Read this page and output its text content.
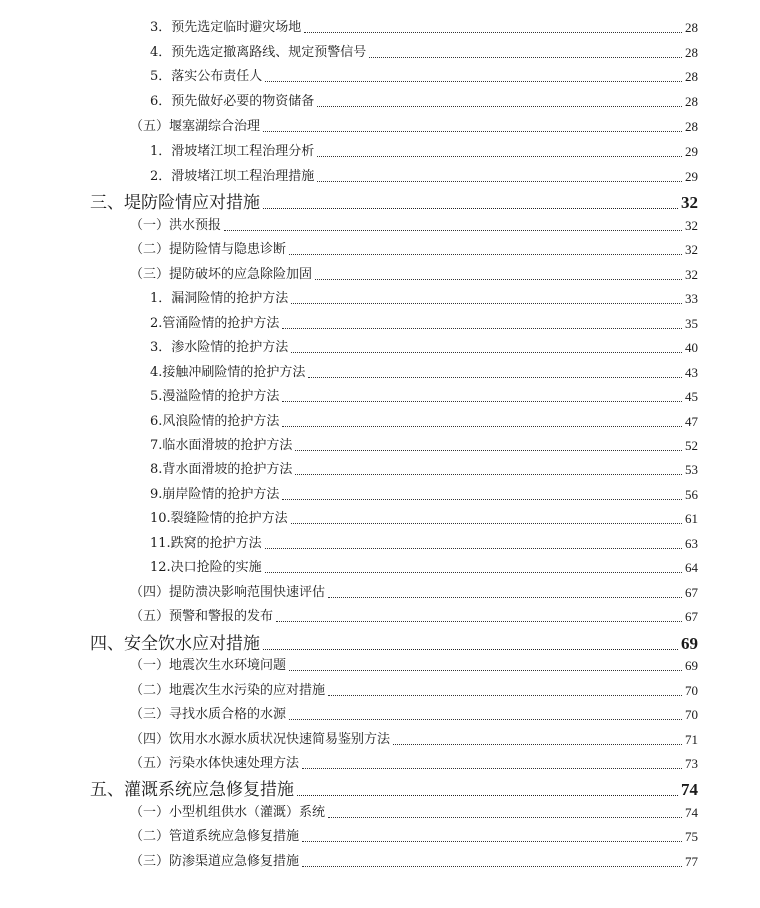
3．预先选定临时避灾场地	28
4．预先选定撤离路线、规定预警信号	28
5．落实公布责任人	28
6．预先做好必要的物资储备	28
（五）堰塞湖综合治理	28
1．滑坡堵江坝工程治理分析	29
2．滑坡堵江坝工程治理措施	29
三、堤防险情应对措施	32
（一）洪水预报	32
（二）提防险情与隐患诊断	32
（三）提防破坏的应急除险加固	32
1．漏洞险情的抢护方法	33
2.管涌险情的抢护方法	35
3．渗水险情的抢护方法	40
4.接触冲刷险情的抢护方法	43
5.漫溢险情的抢护方法	45
6.风浪险情的抢护方法	47
7.临水面滑坡的抢护方法	52
8.背水面滑坡的抢护方法	53
9.崩岸险情的抢护方法	56
10.裂缝险情的抢护方法	61
11.跌窝的抢护方法	63
12.决口抢险的实施	64
（四）提防溃决影响范围快速评估	67
（五）预警和警报的发布	67
四、安全饮水应对措施	69
（一）地震次生水环境问题	69
（二）地震次生水污染的应对措施	70
（三）寻找水质合格的水源	70
（四）饮用水水源水质状况快速简易鉴别方法	71
（五）污染水体快速处理方法	73
五、灌溉系统应急修复措施	74
（一）小型机组供水（灌溉）系统	74
（二）管道系统应急修复措施	75
（三）防渗渠道应急修复措施	77
